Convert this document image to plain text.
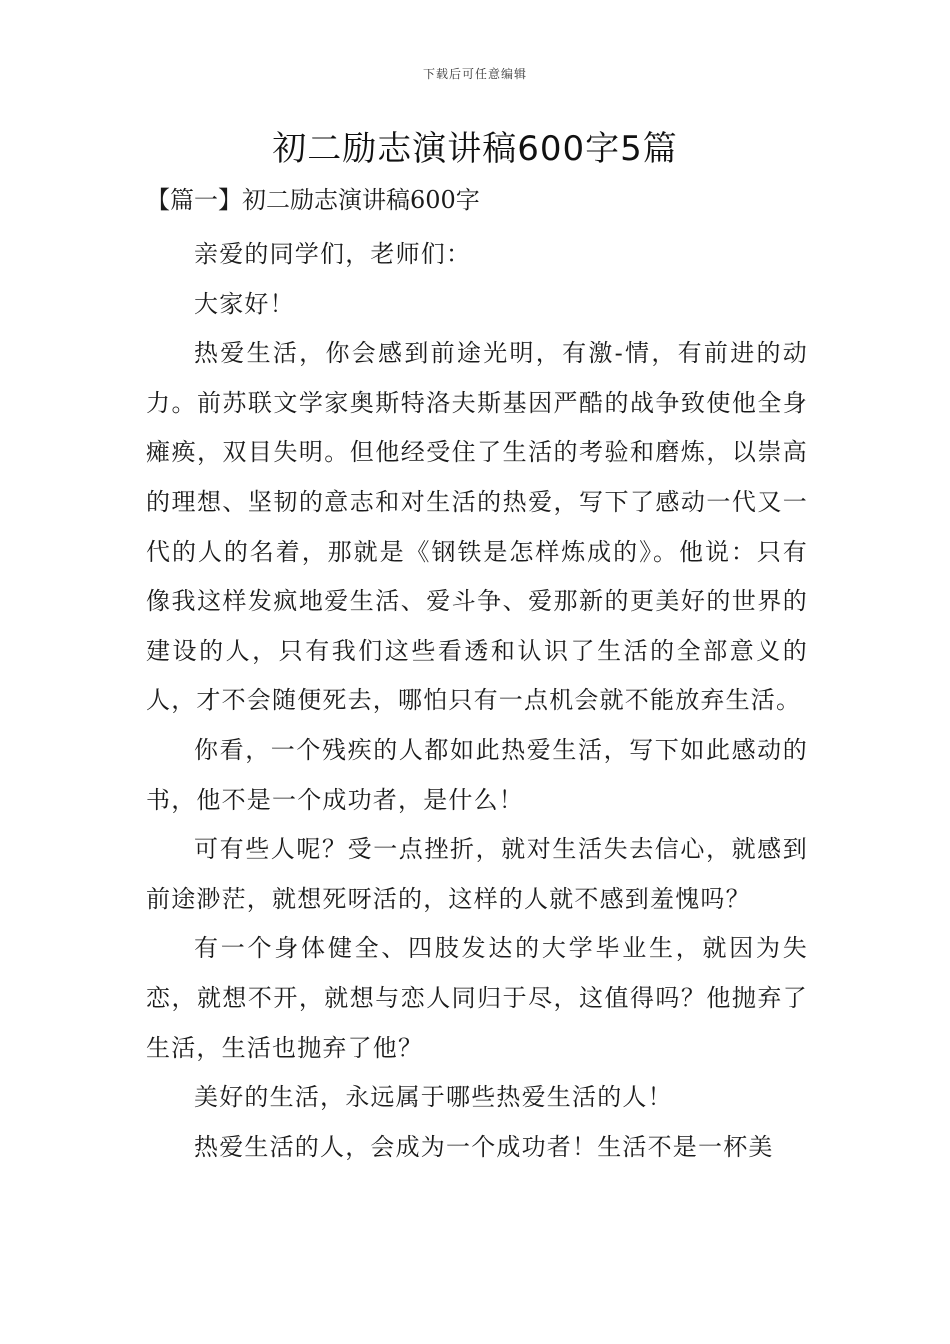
下载后可任意编辑
初二励志演讲稿600字5篇
【篇一】初二励志演讲稿600字

亲爱的同学们，老师们：

大家好！

热爱生活，你会感到前途光明，有激-情，有前进的动力。前苏联文学家奥斯特洛夫斯基因严酷的战争致使他全身瘫痪，双目失明。但他经受住了生活的考验和磨炼，以崇高的理想、坚韧的意志和对生活的热爱，写下了感动一代又一代的人的名着，那就是《钢铁是怎样炼成的》。他说：只有像我这样发疯地爱生活、爱斗争、爱那新的更美好的世界的建设的人，只有我们这些看透和认识了生活的全部意义的人，才不会随便死去，哪怕只有一点机会就不能放弃生活。

你看，一个残疾的人都如此热爱生活，写下如此感动的书，他不是一个成功者，是什么！

可有些人呢？受一点挫折，就对生活失去信心，就感到前途渺茫，就想死呀活的，这样的人就不感到羞愧吗？

有一个身体健全、四肢发达的大学毕业生，就因为失恋，就想不开，就想与恋人同归于尽，这值得吗？他抛弃了生活，生活也抛弃了他？

美好的生活，永远属于哪些热爱生活的人！

热爱生活的人，会成为一个成功者！生活不是一杯美
